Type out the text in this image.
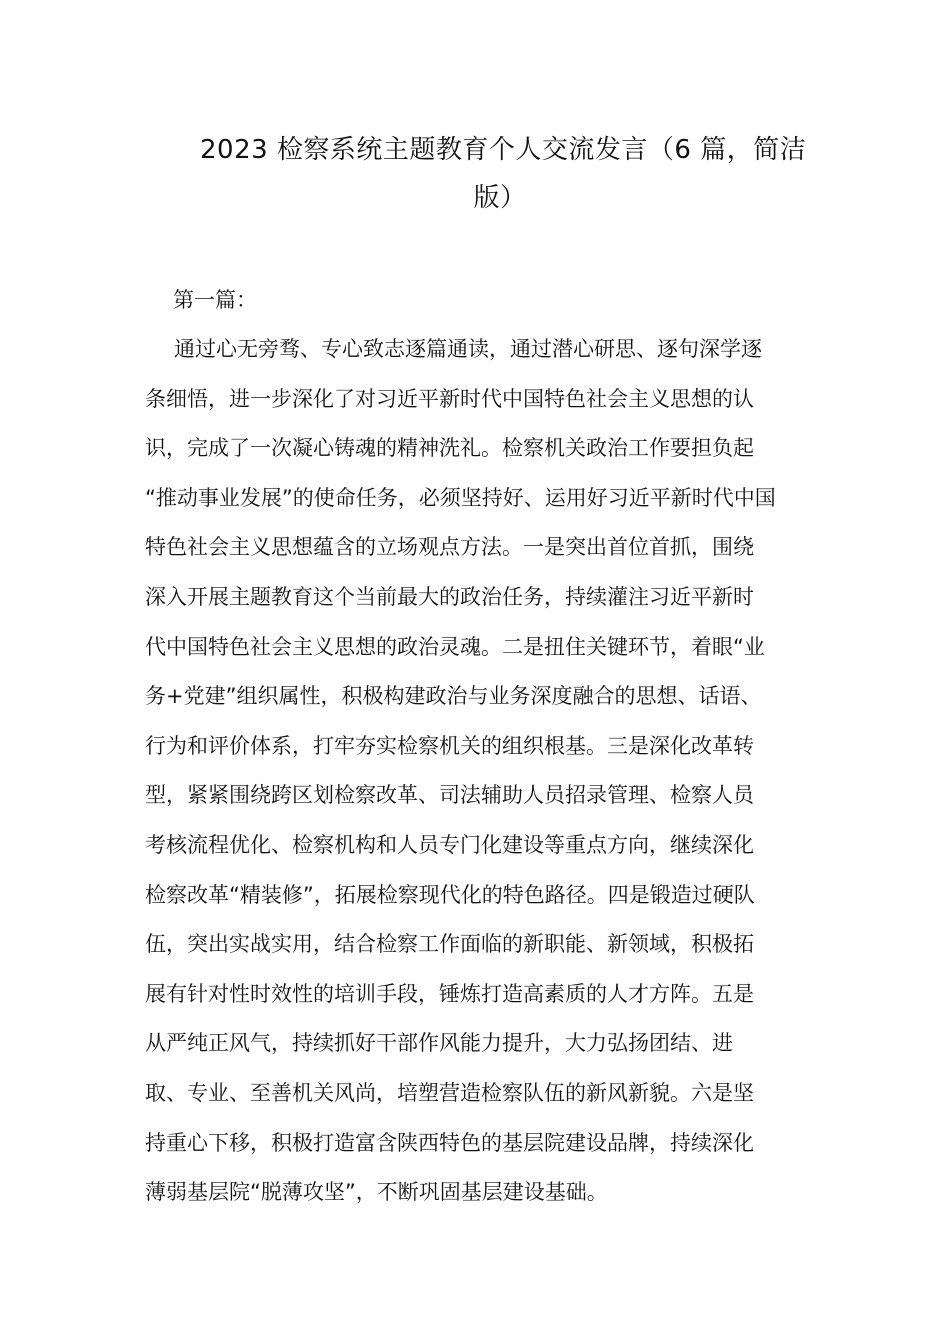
2023 检察系统主题教育个人交流发言（6 篇，简洁
版）
第一篇：
通过心无旁骛、专心致志逐篇通读，通过潜心研思、逐句深学逐
条细悟，进一步深化了对习近平新时代中国特色社会主义思想的认
识，完成了一次凝心铸魂的精神洗礼。检察机关政治工作要担负起
“推动事业发展”的使命任务，必须坚持好、运用好习近平新时代中国
特色社会主义思想蕴含的立场观点方法。一是突出首位首抓，围绕
深入开展主题教育这个当前最大的政治任务，持续灌注习近平新时
代中国特色社会主义思想的政治灵魂。二是扭住关键环节，着眼“业
务+党建”组织属性，积极构建政治与业务深度融合的思想、话语、
行为和评价体系，打牢夯实检察机关的组织根基。三是深化改革转
型，紧紧围绕跨区划检察改革、司法辅助人员招录管理、检察人员
考核流程优化、检察机构和人员专门化建设等重点方向，继续深化
检察改革“精装修”，拓展检察现代化的特色路径。四是锻造过硬队
伍，突出实战实用，结合检察工作面临的新职能、新领域，积极拓
展有针对性时效性的培训手段，锤炼打造高素质的人才方阵。五是
从严纯正风气，持续抓好干部作风能力提升，大力弘扬团结、进
取、专业、至善机关风尚，培塑营造检察队伍的新风新貌。六是坚
持重心下移，积极打造富含陕西特色的基层院建设品牌，持续深化
薄弱基层院“脱薄攻坚”，不断巩固基层建设基础。
